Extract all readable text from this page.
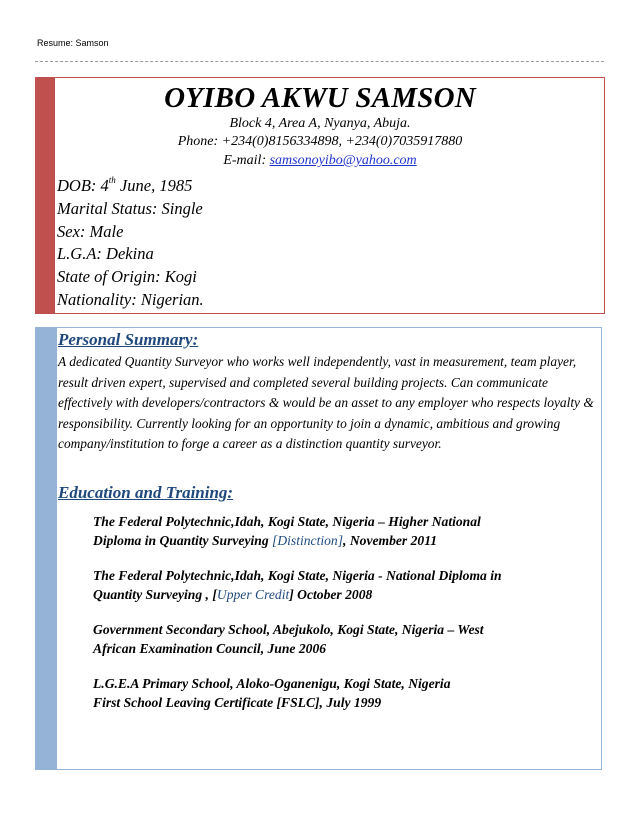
Resume: Samson
OYIBO AKWU SAMSON
Block 4, Area A, Nyanya, Abuja.
Phone: +234(0)8156334898, +234(0)7035917880
E-mail: samsonoyibo@yahoo.com
DOB: 4th June, 1985
Marital Status: Single
Sex: Male
L.G.A: Dekina
State of Origin: Kogi
Nationality: Nigerian.
Personal Summary:
A dedicated Quantity Surveyor who works well independently, vast in measurement, team player, result driven expert, supervised and completed several building projects. Can communicate effectively with developers/contractors & would be an asset to any employer who respects loyalty & responsibility. Currently looking for an opportunity to join a dynamic, ambitious and growing company/institution to forge a career as a distinction quantity surveyor.
Education and Training:
The Federal Polytechnic,Idah, Kogi State, Nigeria – Higher National
Diploma in Quantity Surveying [Distinction], November 2011
The Federal Polytechnic,Idah, Kogi State, Nigeria - National Diploma in
Quantity Surveying , [Upper Credit] October 2008
Government Secondary School, Abejukolo, Kogi State, Nigeria – West
African Examination Council, June 2006
L.G.E.A Primary School, Aloko-Oganenigu, Kogi State, Nigeria
First School Leaving Certificate [FSLC], July 1999
